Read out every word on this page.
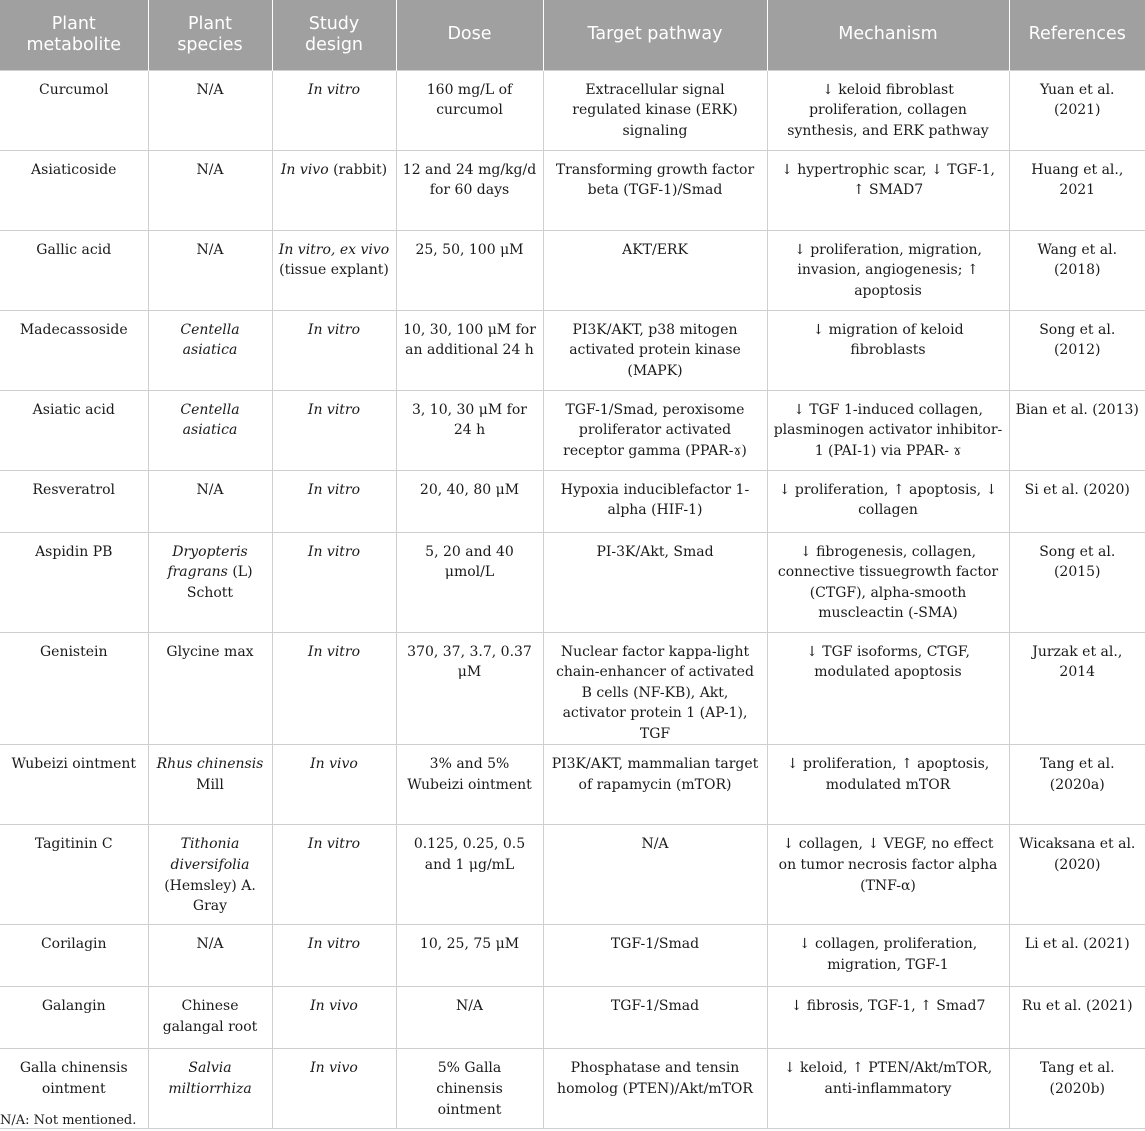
Plant metabolite	Plant species	Study design	Dose	Target pathway	Mechanism	References
Curcumol	N/A	In vitro	160 mg/L of curcumol	Extracellular signal regulated kinase (ERK) signaling	↓ keloid fibroblast proliferation, collagen synthesis, and ERK pathway	Yuan et al. (2021)
Asiaticoside	N/A	In vivo (rabbit)	12 and 24 mg/kg/d for 60 days	Transforming growth factor beta (TGF-1)/Smad	↓ hypertrophic scar, ↓ TGF-1, ↑ SMAD7	Huang et al., 2021
Gallic acid	N/A	In vitro, ex vivo (tissue explant)	25, 50, 100 μM	AKT/ERK	↓ proliferation, migration, invasion, angiogenesis; ↑ apoptosis	Wang et al. (2018)
Madecassoside	Centella asiatica	In vitro	10, 30, 100 μM for an additional 24 h	PI3K/AKT, p38 mitogen activated protein kinase (MAPK)	↓ migration of keloid fibroblasts	Song et al. (2012)
Asiatic acid	Centella asiatica	In vitro	3, 10, 30 μM for 24 h	TGF-1/Smad, peroxisome proliferator activated receptor gamma (PPAR-ɤ)	↓ TGF 1-induced collagen, plasminogen activator inhibitor-1 (PAI-1) via PPAR- ɤ	Bian et al. (2013)
Resveratrol	N/A	In vitro	20, 40, 80 μM	Hypoxia induciblefactor 1-alpha (HIF-1)	↓ proliferation, ↑ apoptosis, ↓ collagen	Si et al. (2020)
Aspidin PB	Dryopteris fragrans (L) Schott	In vitro	5, 20 and 40 μmol/L	PI-3K/Akt, Smad	↓ fibrogenesis, collagen, connective tissuegrowth factor (CTGF), alpha-smooth muscleactin (-SMA)	Song et al. (2015)
Genistein	Glycine max	In vitro	370, 37, 3.7, 0.37 μM	Nuclear factor kappa-light chain-enhancer of activated B cells (NF-KB), Akt, activator protein 1 (AP-1), TGF	↓ TGF isoforms, CTGF, modulated apoptosis	Jurzak et al., 2014
Wubeizi ointment	Rhus chinensis Mill	In vivo	3% and 5% Wubeizi ointment	PI3K/AKT, mammalian target of rapamycin (mTOR)	↓ proliferation, ↑ apoptosis, modulated mTOR	Tang et al. (2020a)
Tagitinin C	Tithonia diversifolia (Hemsley) A. Gray	In vitro	0.125, 0.25, 0.5 and 1 μg/mL	N/A	↓ collagen, ↓ VEGF, no effect on tumor necrosis factor alpha (TNF-α)	Wicaksana et al. (2020)
Corilagin	N/A	In vitro	10, 25, 75 μM	TGF-1/Smad	↓ collagen, proliferation, migration, TGF-1	Li et al. (2021)
Galangin	Chinese galangal root	In vivo	N/A	TGF-1/Smad	↓ fibrosis, TGF-1, ↑ Smad7	Ru et al. (2021)
Galla chinensis ointment	Salvia miltiorrhiza	In vivo	5% Galla chinensis ointment	Phosphatase and tensin homolog (PTEN)/Akt/mTOR	↓ keloid, ↑ PTEN/Akt/mTOR, anti-inflammatory	Tang et al. (2020b)
N/A: Not mentioned.
